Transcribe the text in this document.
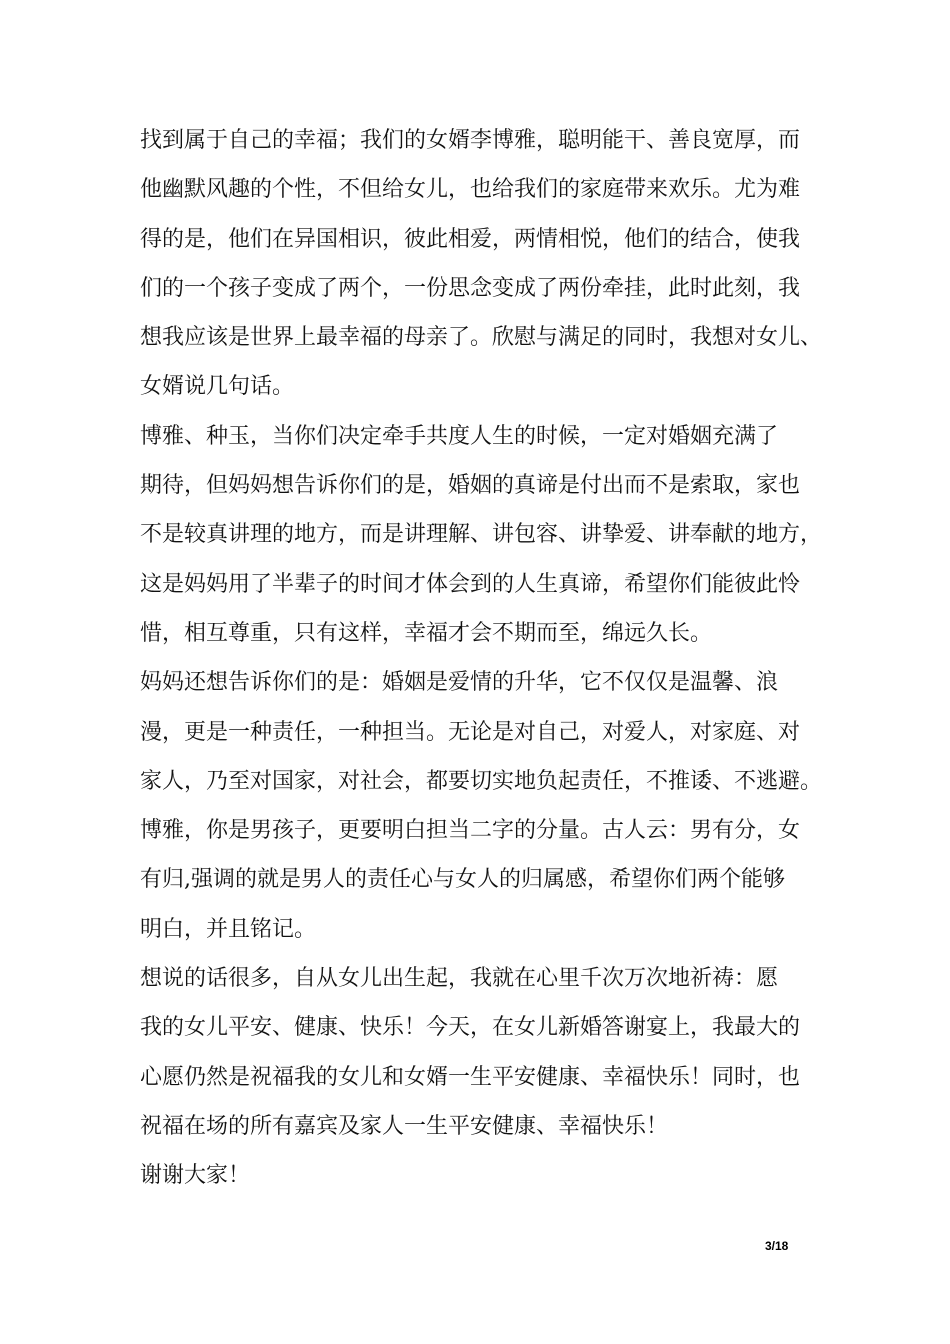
找到属于自己的幸福；我们的女婿李博雅，聪明能干、善良宽厚，而
他幽默风趣的个性，不但给女儿，也给我们的家庭带来欢乐。尤为难
得的是，他们在异国相识，彼此相爱，两情相悦，他们的结合，使我
们的一个孩子变成了两个，一份思念变成了两份牵挂，此时此刻，我
想我应该是世界上最幸福的母亲了。欣慰与满足的同时，我想对女儿、
女婿说几句话。
博雅、种玉，当你们决定牵手共度人生的时候，一定对婚姻充满了
期待，但妈妈想告诉你们的是，婚姻的真谛是付出而不是索取，家也
不是较真讲理的地方，而是讲理解、讲包容、讲挚爱、讲奉献的地方，
这是妈妈用了半辈子的时间才体会到的人生真谛，希望你们能彼此怜
惜，相互尊重，只有这样，幸福才会不期而至，绵远久长。
妈妈还想告诉你们的是：婚姻是爱情的升华，它不仅仅是温馨、浪
漫，更是一种责任，一种担当。无论是对自己，对爱人，对家庭、对
家人，乃至对国家，对社会，都要切实地负起责任，不推诿、不逃避。
博雅，你是男孩子，更要明白担当二字的分量。古人云：男有分，女
有归,强调的就是男人的责任心与女人的归属感，希望你们两个能够
明白，并且铭记。
想说的话很多，自从女儿出生起，我就在心里千次万次地祈祷：愿
我的女儿平安、健康、快乐！今天，在女儿新婚答谢宴上，我最大的
心愿仍然是祝福我的女儿和女婿一生平安健康、幸福快乐！同时，也
祝福在场的所有嘉宾及家人一生平安健康、幸福快乐！
谢谢大家！
3/18
